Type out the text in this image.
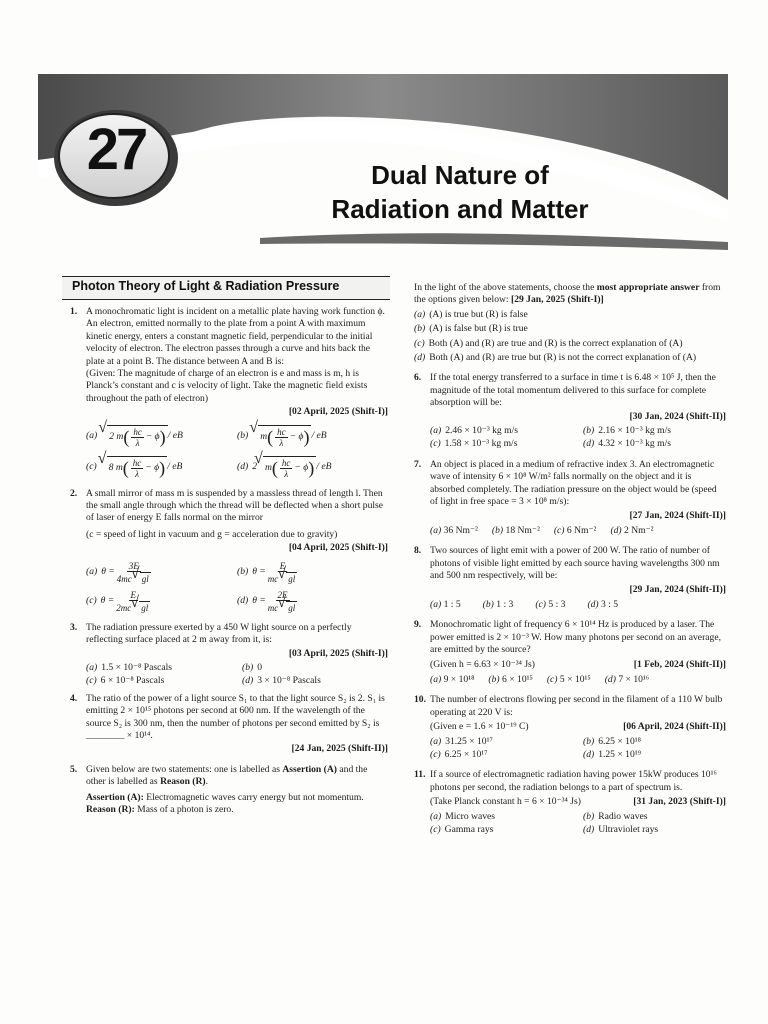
27	Dual Nature of
Radiation and Matter
Photon Theory of Light & Radiation Pressure
1. A monochromatic light is incident on a metallic plate having work function ϕ. An electron, emitted normally to the plate from a point A with maximum kinetic energy, enters a constant magnetic field, perpendicular to the initial velocity of electron. The electron passes through a curve and hits back the plate at a point B. The distance between A and B is:

(Given: The magnitude of charge of an electron is e and mass is m, h is Planck’s constant and c is velocity of light. Take the magnetic field exists throughout the path of electron)

[02 April, 2025 (Shift-I)]
(a) √ 2 m ( $\frac{hc}{\lambda} - \phi$ ) / eB	(b) √ m ( $\frac{hc}{\lambda} - \phi$ ) / eB
(c) √ 8 m ( $\frac{hc}{\lambda} - \phi$ ) / eB	(d) 2 √ m ( $\frac{hc}{\lambda} - \phi$ ) / eB
2. A small mirror of mass m is suspended by a massless thread of length l. Then the small angle through which the thread will be deflected when a short pulse of laser of energy E falls normal on the mirror

(c = speed of light in vacuum and g = acceleration due to gravity)

[04 April, 2025 (Shift-I)]
(a) $\theta = \frac{3E}{4mc √ gl}$	(b) $\theta = \frac{E}{mc √ gl}$
(c) $\theta = \frac{E}{2mc √ gl}$	(d) $\theta = \frac{2E}{mc √ gl}$
3. The radiation pressure exerted by a 450 W light source on a perfectly reflecting surface placed at 2 m away from it, is:

[03 April, 2025 (Shift-I)]
(a) 1.5 × 10⁻⁸ Pascals	(b) 0
(c) 6 × 10⁻⁸ Pascals	(d) 3 × 10⁻⁸ Pascals
4. The ratio of the power of a light source S₁ to that the light source S₂ is 2. S₁ is emitting 2 × 10¹⁵ photons per second at 600 nm. If the wavelength of the source S₂ is 300 nm, then the number of photons per second emitted by S₂ is ________ × 10¹⁴.

[24 Jan, 2025 (Shift-II)]
5. Given below are two statements: one is labelled as Assertion (A) and the other is labelled as Reason (R).

Assertion (A): Electromagnetic waves carry energy but not momentum.

Reason (R): Mass of a photon is zero.

In the light of the above statements, choose the most appropriate answer from the options given below: [29 Jan, 2025 (Shift-I)]

(a) (A) is true but (R) is false
(b) (A) is false but (R) is true
(c) Both (A) and (R) are true and (R) is the correct explanation of (A)
(d) Both (A) and (R) are true but (R) is not the correct explanation of (A)
6. If the total energy transferred to a surface in time t is 6.48 × 10⁵ J, then the magnitude of the total momentum delivered to this surface for complete absorption will be:

[30 Jan, 2024 (Shift-II)]
(a) 2.46 × 10⁻³ kg m/s	(b) 2.16 × 10⁻³ kg m/s
(c) 1.58 × 10⁻³ kg m/s	(d) 4.32 × 10⁻³ kg m/s
7. An object is placed in a medium of refractive index 3. An electromagnetic wave of intensity 6 × 10⁸ W/m² falls normally on the object and it is absorbed completely. The radiation pressure on the object would be (speed of light in free space = 3 × 10⁸ m/s):

[27 Jan, 2024 (Shift-II)]
(a) 36 Nm⁻² (b) 18 Nm⁻² (c) 6 Nm⁻² (d) 2 Nm⁻²
8. Two sources of light emit with a power of 200 W. The ratio of number of photons of visible light emitted by each source having wavelengths 300 nm and 500 nm respectively, will be:

[29 Jan, 2024 (Shift-II)]
(a) 1 : 5 (b) 1 : 3 (c) 5 : 3 (d) 3 : 5
9. Monochromatic light of frequency 6 × 10¹⁴ Hz is produced by a laser. The power emitted is 2 × 10⁻³ W. How many photons per second on an average, are emitted by the source?

(Given h = 6.63 × 10⁻³⁴ Js)	[1 Feb, 2024 (Shift-II)]
(a) 9 × 10¹⁸ (b) 6 × 10¹⁵ (c) 5 × 10¹⁵ (d) 7 × 10¹⁶
10. The number of electrons flowing per second in the filament of a 110 W bulb operating at 220 V is:

(Given e = 1.6 × 10⁻¹⁹ C)	[06 April, 2024 (Shift-II)]
(a) 31.25 × 10¹⁷	(b) 6.25 × 10¹⁸
(c) 6.25 × 10¹⁷	(d) 1.25 × 10¹⁹
11. If a source of electromagnetic radiation having power 15kW produces 10¹⁶ photons per second, the radiation belongs to a part of spectrum is.

(Take Planck constant h = 6 × 10⁻³⁴ Js)	[31 Jan, 2023 (Shift-I)]
(a) Micro waves	(b) Radio waves
(c) Gamma rays	(d) Ultraviolet rays
